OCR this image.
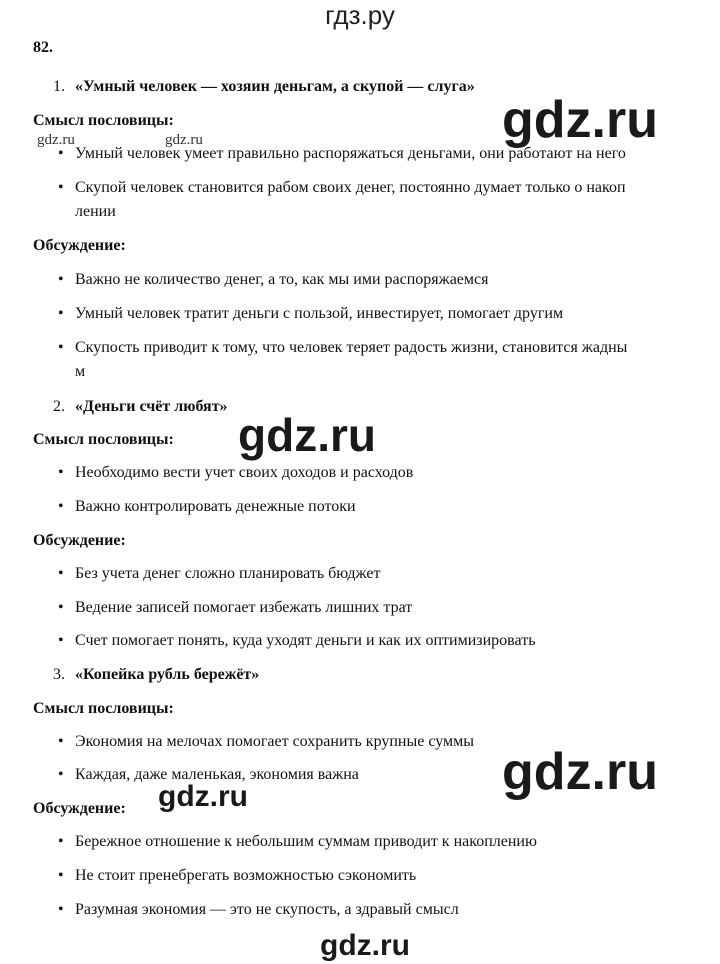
гдз.ру
82.
1. «Умный человек — хозяин деньгам, а скупой — слуга»
Смысл пословицы:
• Умный человек умеет правильно распоряжаться деньгами, они работают на него
• Скупой человек становится рабом своих денег, постоянно думает только о накоп
лении
Обсуждение:
• Важно не количество денег, а то, как мы ими распоряжаемся
• Умный человек тратит деньги с пользой, инвестирует, помогает другим
• Скупость приводит к тому, что человек теряет радость жизни, становится жадны
м
2. «Деньги счёт любят»
Смысл пословицы:
• Необходимо вести учет своих доходов и расходов
• Важно контролировать денежные потоки
Обсуждение:
• Без учета денег сложно планировать бюджет
• Ведение записей помогает избежать лишних трат
• Счет помогает понять, куда уходят деньги и как их оптимизировать
3. «Копейка рубль бережёт»
Смысл пословицы:
• Экономия на мелочах помогает сохранить крупные суммы
• Каждая, даже маленькая, экономия важна
Обсуждение:
• Бережное отношение к небольшим суммам приводит к накоплению
• Не стоит пренебрегать возможностью сэкономить
• Разумная экономия — это не скупость, а здравый смысл
gdz.ru
gdz.ru	gdz.ru
gdz.ru
gdz.ru
gdz.ru
gdz.ru
